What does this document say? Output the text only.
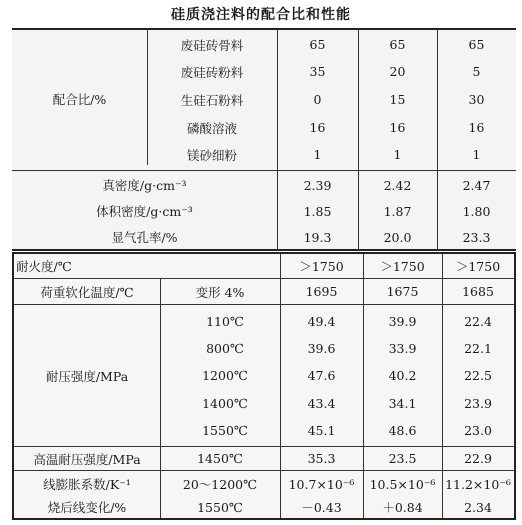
硅质浇注料的配合比和性能
配合比/%
废硅砖骨料	65	65	65
废硅砖粉料	35	20	5
生硅石粉料	0	15	30
磷酸溶液	16	16	16
镁砂细粉	1	1	1
真密度/g·cm⁻³	2.39	2.42	2.47
体积密度/g·cm⁻³	1.85	1.87	1.80
显气孔率/%	19.3	20.0	23.3
耐火度/℃	＞1750	＞1750	＞1750
荷重软化温度/℃	变形 4%	1695	1675	1685
耐压强度/MPa
110℃	49.4	39.9	22.4
800℃	39.6	33.9	22.1
1200℃	47.6	40.2	22.5
1400℃	43.4	34.1	23.9
1550℃	45.1	48.6	23.0
高温耐压强度/MPa	1450℃	35.3	23.5	22.9
线膨胀系数/K⁻¹	20～1200℃	10.7×10⁻⁶	10.5×10⁻⁶ 11.2×10⁻⁶
烧后线变化/%	1550℃	－0.43	＋0.84	2.34
